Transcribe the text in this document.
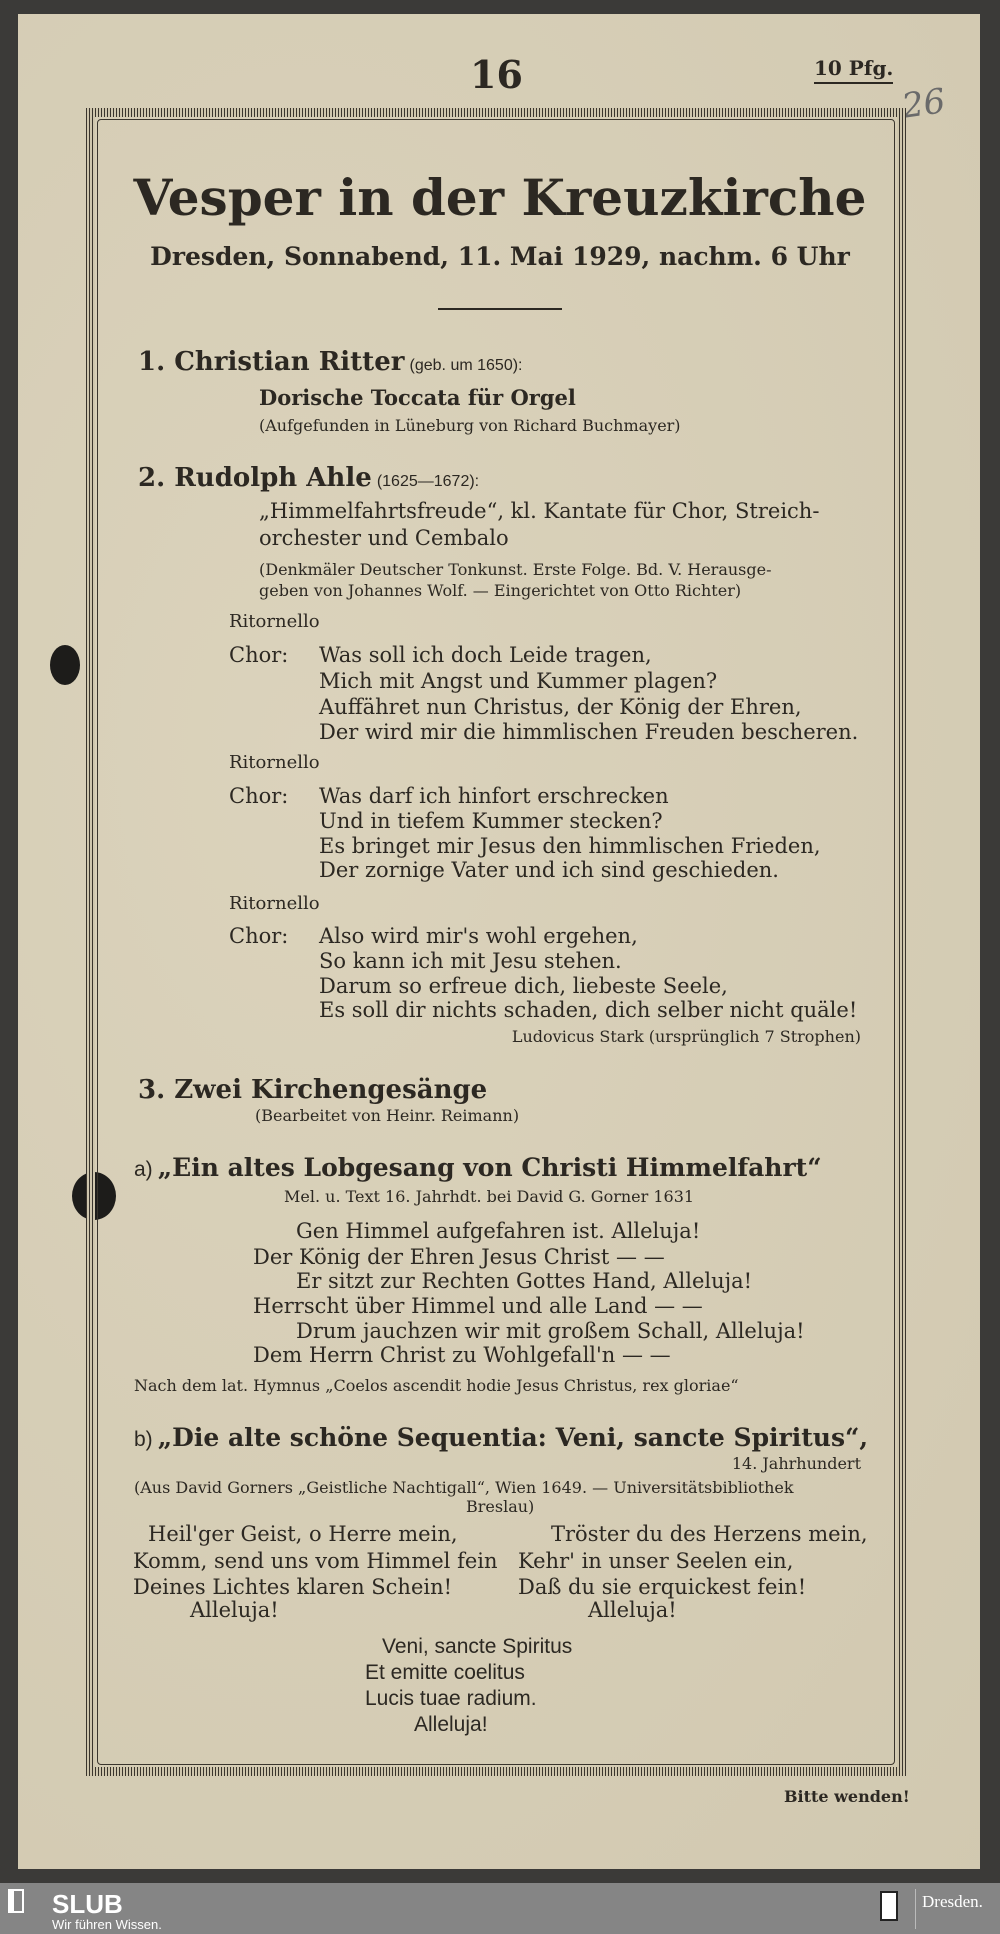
16	10 Pfg.
26
Vesper in der Kreuzkirche
Dresden, Sonnabend, 11. Mai 1929, nachm. 6 Uhr
1. Christian Ritter (geb. um 1650):
Dorische Toccata für Orgel
(Aufgefunden in Lüneburg von Richard Buchmayer)
2. Rudolph Ahle (1625—1672):
„Himmelfahrtsfreude“, kl. Kantate für Chor, Streich-
orchester und Cembalo
(Denkmäler Deutscher Tonkunst. Erste Folge. Bd. V. Herausge-
geben von Johannes Wolf. — Eingerichtet von Otto Richter)
Ritornello
Chor: Was soll ich doch Leide tragen,
Mich mit Angst und Kummer plagen?
Auffähret nun Christus, der König der Ehren,
Der wird mir die himmlischen Freuden bescheren.
Ritornello
Chor: Was darf ich hinfort erschrecken
Und in tiefem Kummer stecken?
Es bringet mir Jesus den himmlischen Frieden,
Der zornige Vater und ich sind geschieden.
Ritornello
Chor: Also wird mir's wohl ergehen,
So kann ich mit Jesu stehen.
Darum so erfreue dich, liebeste Seele,
Es soll dir nichts schaden, dich selber nicht quäle!
Ludovicus Stark (ursprünglich 7 Strophen)
3. Zwei Kirchengesänge
(Bearbeitet von Heinr. Reimann)
a) „Ein altes Lobgesang von Christi Himmelfahrt“
Mel. u. Text 16. Jahrhdt. bei David G. Gorner 1631
Gen Himmel aufgefahren ist. Alleluja!
Der König der Ehren Jesus Christ — —
Er sitzt zur Rechten Gottes Hand, Alleluja!
Herrscht über Himmel und alle Land — —
Drum jauchzen wir mit großem Schall, Alleluja!
Dem Herrn Christ zu Wohlgefall'n — —
Nach dem lat. Hymnus „Coelos ascendit hodie Jesus Christus, rex gloriae“
b) „Die alte schöne Sequentia: Veni, sancte Spiritus“,
14. Jahrhundert
(Aus David Gorners „Geistliche Nachtigall“, Wien 1649. — Universitätsbibliothek
Breslau)
Heil'ger Geist, o Herre mein,
Komm, send uns vom Himmel fein
Deines Lichtes klaren Schein!
Alleluja!
Tröster du des Herzens mein,
Kehr' in unser Seelen ein,
Daß du sie erquickest fein!
Alleluja!
Veni, sancte Spiritus
Et emitte coelitus
Lucis tuae radium.
Alleluja!
Bitte wenden!
SLUB
Wir führen Wissen.
Dresden.
